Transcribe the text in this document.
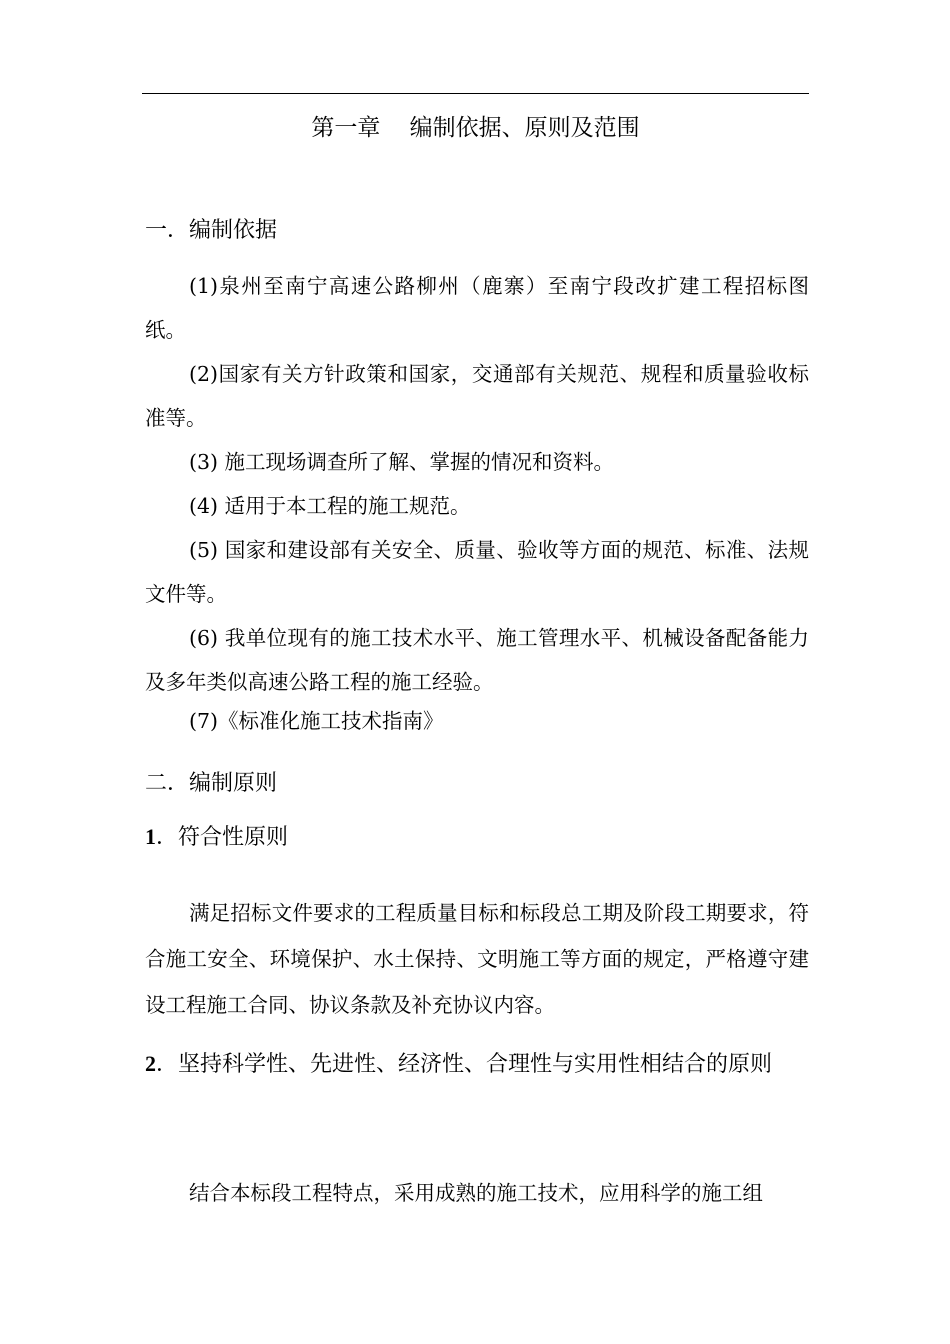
第一章    编制依据、原则及范围
一．编制依据

(1)泉州至南宁高速公路柳州（鹿寨）至南宁段改扩建工程招标图纸。

(2)国家有关方针政策和国家，交通部有关规范、规程和质量验收标准等。

(3) 施工现场调查所了解、掌握的情况和资料。

(4) 适用于本工程的施工规范。

(5) 国家和建设部有关安全、质量、验收等方面的规范、标准、法规文件等。

(6) 我单位现有的施工技术水平、施工管理水平、机械设备配备能力及多年类似高速公路工程的施工经验。

(7)《标准化施工技术指南》

二．编制原则
1．符合性原则

满足招标文件要求的工程质量目标和标段总工期及阶段工期要求，符合施工安全、环境保护、水土保持、文明施工等方面的规定，严格遵守建设工程施工合同、协议条款及补充协议内容。

2．坚持科学性、先进性、经济性、合理性与实用性相结合的原则

结合本标段工程特点，采用成熟的施工技术，应用科学的施工组
